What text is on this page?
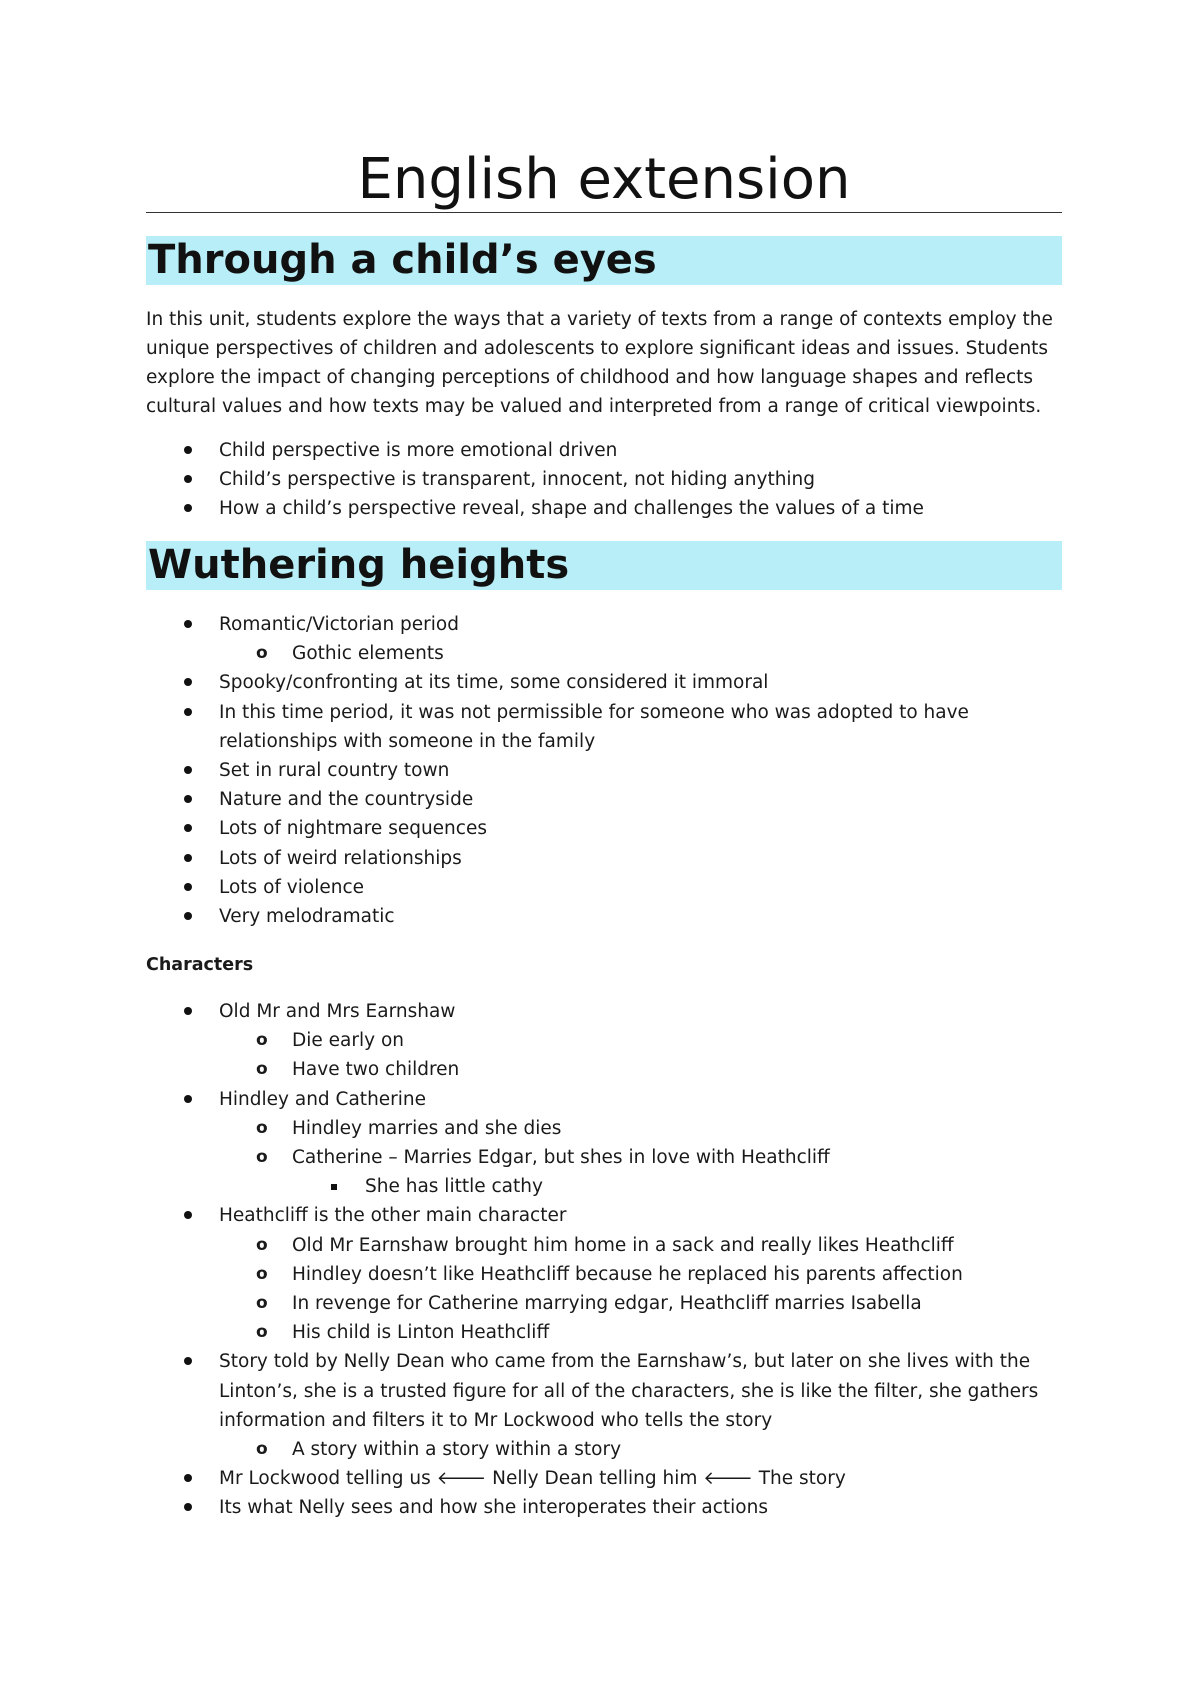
English extension
Through a child’s eyes

In this unit, students explore the ways that a variety of texts from a range of contexts employ the unique perspectives of children and adolescents to explore significant ideas and issues. Students explore the impact of changing perceptions of childhood and how language shapes and reflects cultural values and how texts may be valued and interpreted from a range of critical viewpoints.

Child perspective is more emotional driven
Child’s perspective is transparent, innocent, not hiding anything
How a child’s perspective reveal, shape and challenges the values of a time
Wuthering heights
Romantic/Victorian period
o Gothic elements
Spooky/confronting at its time, some considered it immoral
In this time period, it was not permissible for someone who was adopted to have relationships with someone in the family
Set in rural country town
Nature and the countryside
Lots of nightmare sequences
Lots of weird relationships
Lots of violence
Very melodramatic
Characters
Old Mr and Mrs Earnshaw
o Die early on
o Have two children
Hindley and Catherine
o Hindley marries and she dies
o Catherine – Marries Edgar, but shes in love with Heathcliff
She has little cathy
Heathcliff is the other main character
o Old Mr Earnshaw brought him home in a sack and really likes Heathcliff
o Hindley doesn’t like Heathcliff because he replaced his parents affection
o In revenge for Catherine marrying edgar, Heathcliff marries Isabella
o His child is Linton Heathcliff
Story told by Nelly Dean who came from the Earnshaw’s, but later on she lives with the Linton’s, she is a trusted figure for all of the characters, she is like the filter, she gathers information and filters it to Mr Lockwood who tells the story
o A story within a story within a story
Mr Lockwood telling us 🡐 Nelly Dean telling him 🡐 The story
Its what Nelly sees and how she interoperates their actions
